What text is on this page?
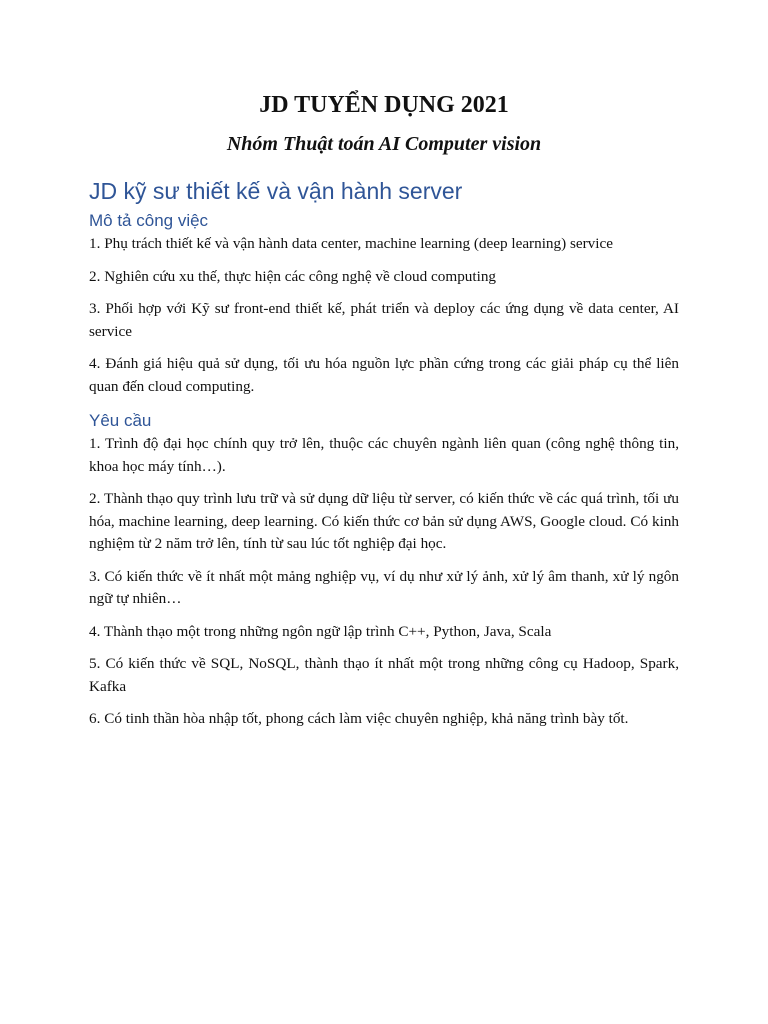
JD TUYỂN DỤNG 2021
Nhóm Thuật toán AI Computer vision
JD kỹ sư thiết kế và vận hành server
Mô tả công việc

1. Phụ trách thiết kế và vận hành data center, machine learning (deep learning) service

2. Nghiên cứu xu thế, thực hiện các công nghệ về cloud computing

3. Phối hợp với Kỹ sư front-end thiết kế, phát triển và deploy các ứng dụng về data center, AI service

4. Đánh giá hiệu quả sử dụng, tối ưu hóa nguồn lực phần cứng trong các giải pháp cụ thể liên quan đến cloud computing.

Yêu cầu

1. Trình độ đại học chính quy trở lên, thuộc các chuyên ngành liên quan (công nghệ thông tin, khoa học máy tính…).

2. Thành thạo quy trình lưu trữ và sử dụng dữ liệu từ server, có kiến thức về các quá trình, tối ưu hóa, machine learning, deep learning. Có kiến thức cơ bản sử dụng AWS, Google cloud. Có kinh nghiệm từ 2 năm trở lên, tính từ sau lúc tốt nghiệp đại học.

3. Có kiến thức về ít nhất một mảng nghiệp vụ, ví dụ như xử lý ảnh, xử lý âm thanh, xử lý ngôn ngữ tự nhiên…

4. Thành thạo một trong những ngôn ngữ lập trình C++, Python, Java, Scala

5. Có kiến thức về SQL, NoSQL, thành thạo ít nhất một trong những công cụ Hadoop, Spark, Kafka

6. Có tinh thần hòa nhập tốt, phong cách làm việc chuyên nghiệp, khả năng trình bày tốt.
